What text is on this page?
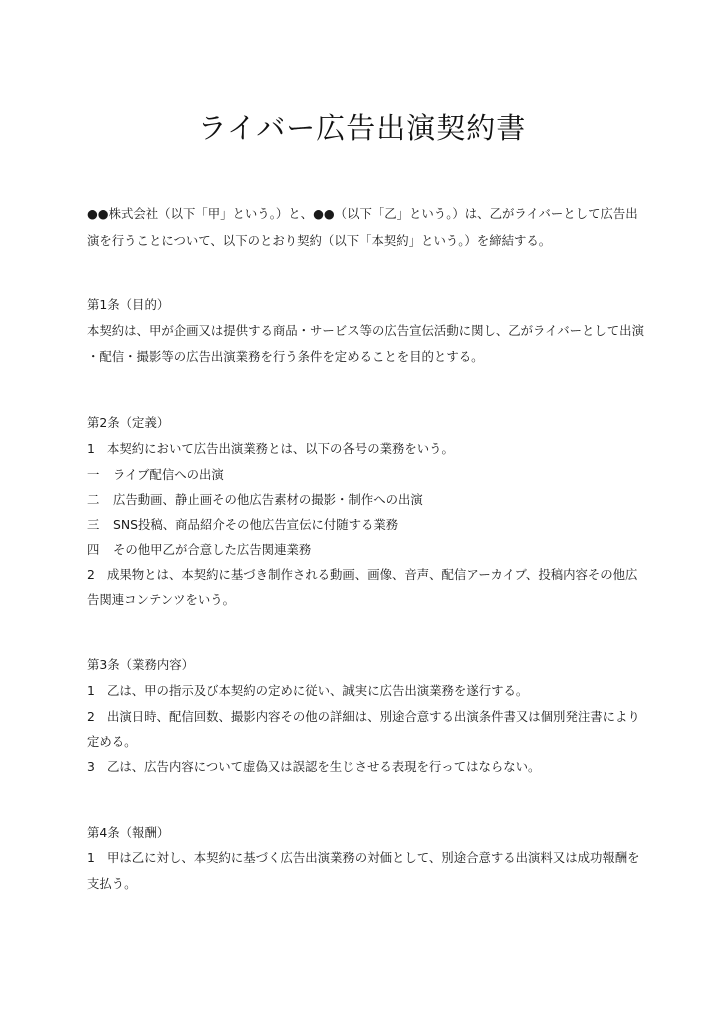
ライバー広告出演契約書
●●株式会社（以下「甲」という。）と、●●（以下「乙」という。）は、乙がライバーとして広告出
演を行うことについて、以下のとおり契約（以下「本契約」という。）を締結する。
第1条（目的）
本契約は、甲が企画又は提供する商品・サービス等の広告宣伝活動に関し、乙がライバーとして出演
・配信・撮影等の広告出演業務を行う条件を定めることを目的とする。
第2条（定義）
1 本契約において広告出演業務とは、以下の各号の業務をいう。
一 ライブ配信への出演
二 広告動画、静止画その他広告素材の撮影・制作への出演
三 SNS投稿、商品紹介その他広告宣伝に付随する業務
四 その他甲乙が合意した広告関連業務
2 成果物とは、本契約に基づき制作される動画、画像、音声、配信アーカイブ、投稿内容その他広
告関連コンテンツをいう。
第3条（業務内容）
1 乙は、甲の指示及び本契約の定めに従い、誠実に広告出演業務を遂行する。
2 出演日時、配信回数、撮影内容その他の詳細は、別途合意する出演条件書又は個別発注書により
定める。
3 乙は、広告内容について虚偽又は誤認を生じさせる表現を行ってはならない。
第4条（報酬）
1 甲は乙に対し、本契約に基づく広告出演業務の対価として、別途合意する出演料又は成功報酬を
支払う。
